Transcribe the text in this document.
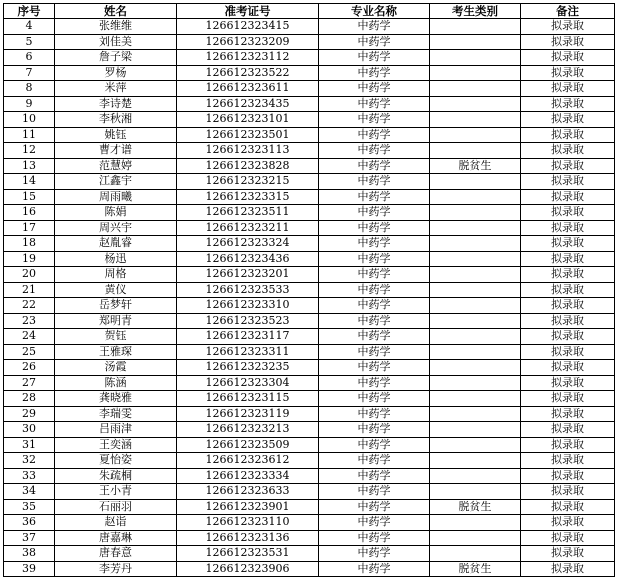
序号	姓名	准考证号	专业名称	考生类别	备注
4	张维维	126612323415	中药学		拟录取
5	刘佳美	126612323209	中药学		拟录取
6	詹子梁	126612323112	中药学		拟录取
7	罗杨	126612323522	中药学		拟录取
8	米萍	126612323611	中药学		拟录取
9	李诗楚	126612323435	中药学		拟录取
10	李秋湘	126612323101	中药学		拟录取
11	姚钰	126612323501	中药学		拟录取
12	曹才谱	126612323113	中药学		拟录取
13	范慧婷	126612323828	中药学	脱贫生	拟录取
14	江鑫宇	126612323215	中药学		拟录取
15	周雨曦	126612323315	中药学		拟录取
16	陈娟	126612323511	中药学		拟录取
17	周兴宇	126612323211	中药学		拟录取
18	赵胤睿	126612323324	中药学		拟录取
19	杨迅	126612323436	中药学		拟录取
20	周格	126612323201	中药学		拟录取
21	黄仪	126612323533	中药学		拟录取
22	岳梦轩	126612323310	中药学		拟录取
23	郑明青	126612323523	中药学		拟录取
24	贺钰	126612323117	中药学		拟录取
25	王雅琛	126612323311	中药学		拟录取
26	汤霞	126612323235	中药学		拟录取
27	陈涵	126612323304	中药学		拟录取
28	龚晓雅	126612323115	中药学		拟录取
29	李瑞雯	126612323119	中药学		拟录取
30	吕雨津	126612323213	中药学		拟录取
31	王奕涵	126612323509	中药学		拟录取
32	夏怡姿	126612323612	中药学		拟录取
33	朱疏桐	126612323334	中药学		拟录取
34	王小青	126612323633	中药学		拟录取
35	石丽羽	126612323901	中药学	脱贫生	拟录取
36	赵诣	126612323110	中药学		拟录取
37	唐嘉琳	126612323136	中药学		拟录取
38	唐春意	126612323531	中药学		拟录取
39	李芳丹	126612323906	中药学	脱贫生	拟录取
